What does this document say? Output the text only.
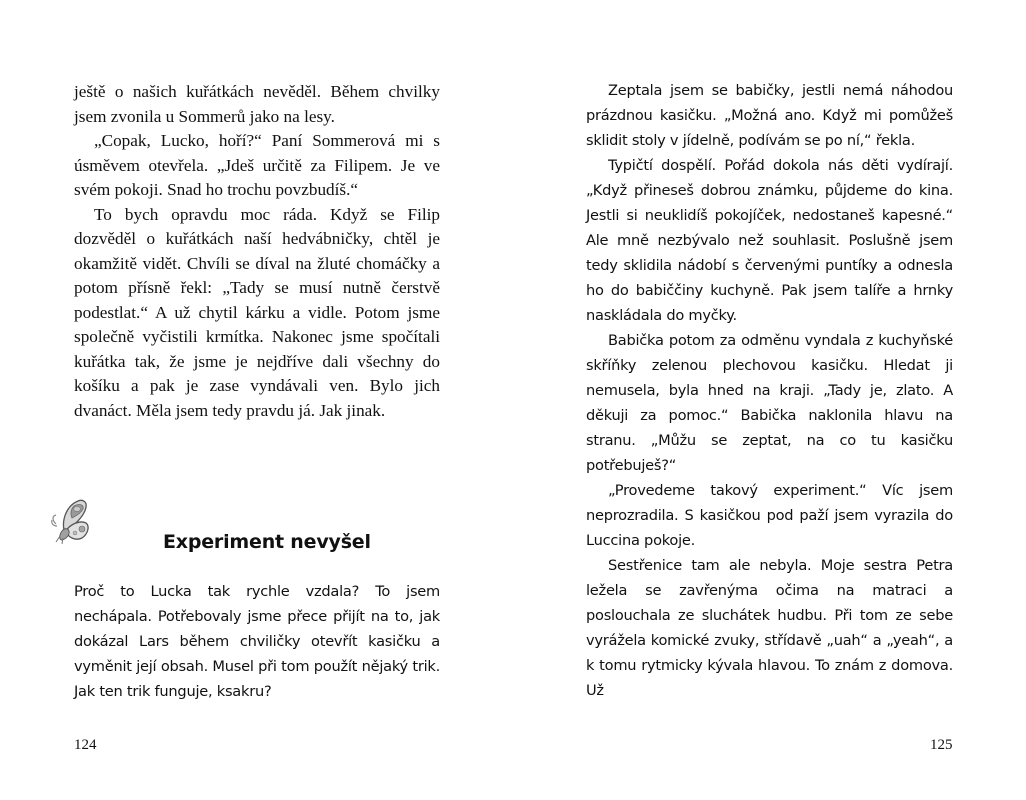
ještě o našich kuřátkách nevěděl. Během chvilky jsem zvonila u Sommerů jako na lesy.

„Copak, Lucko, hoří?“ Paní Sommerová mi s úsměvem otevřela. „Jdeš určitě za Filipem. Je ve svém pokoji. Snad ho trochu povzbudíš.“

To bych opravdu moc ráda. Když se Filip dozvěděl o kuřátkách naší hedvábničky, chtěl je okamžitě vidět. Chvíli se díval na žluté chomáčky a potom přísně řekl: „Tady se musí nutně čerstvě podestlat.“ A už chytil kárku a vidle. Potom jsme společně vyčistili krmítka. Nakonec jsme spočítali kuřátka tak, že jsme je nejdříve dali všechny do košíku a pak je zase vyndávali ven. Bylo jich dvanáct. Měla jsem tedy pravdu já. Jak jinak.

Experiment nevyšel

Proč to Lucka tak rychle vzdala? To jsem nechápala. Potřebovaly jsme přece přijít na to, jak dokázal Lars během chviličky otevřít kasičku a vyměnit její obsah. Musel při tom použít nějaký trik. Jak ten trik funguje, ksakru?

124

Zeptala jsem se babičky, jestli nemá náhodou prázdnou kasičku. „Možná ano. Když mi pomůžeš sklidit stoly v jídelně, podívám se po ní,“ řekla.

Typičtí dospělí. Pořád dokola nás děti vydírají. „Když přineseš dobrou známku, půjdeme do kina. Jestli si neuklidíš pokojíček, nedostaneš kapesné.“ Ale mně nezbývalo než souhlasit. Poslušně jsem tedy sklidila nádobí s červenými puntíky a odnesla ho do babiččiny kuchyně. Pak jsem talíře a hrnky naskládala do myčky.

Babička potom za odměnu vyndala z kuchyňské skříňky zelenou plechovou kasičku. Hledat ji nemusela, byla hned na kraji. „Tady je, zlato. A děkuji za pomoc.“ Babička naklonila hlavu na stranu. „Můžu se zeptat, na co tu kasičku potřebuješ?“

„Provedeme takový experiment.“ Víc jsem neprozradila. S kasičkou pod paží jsem vyrazila do Luccina pokoje.

Sestřenice tam ale nebyla. Moje sestra Petra ležela se zavřenýma očima na matraci a poslouchala ze sluchátek hudbu. Při tom ze sebe vyrážela komické zvuky, střídavě „uah“ a „yeah“, a k tomu rytmicky kývala hlavou. To znám z domova. Už

125
